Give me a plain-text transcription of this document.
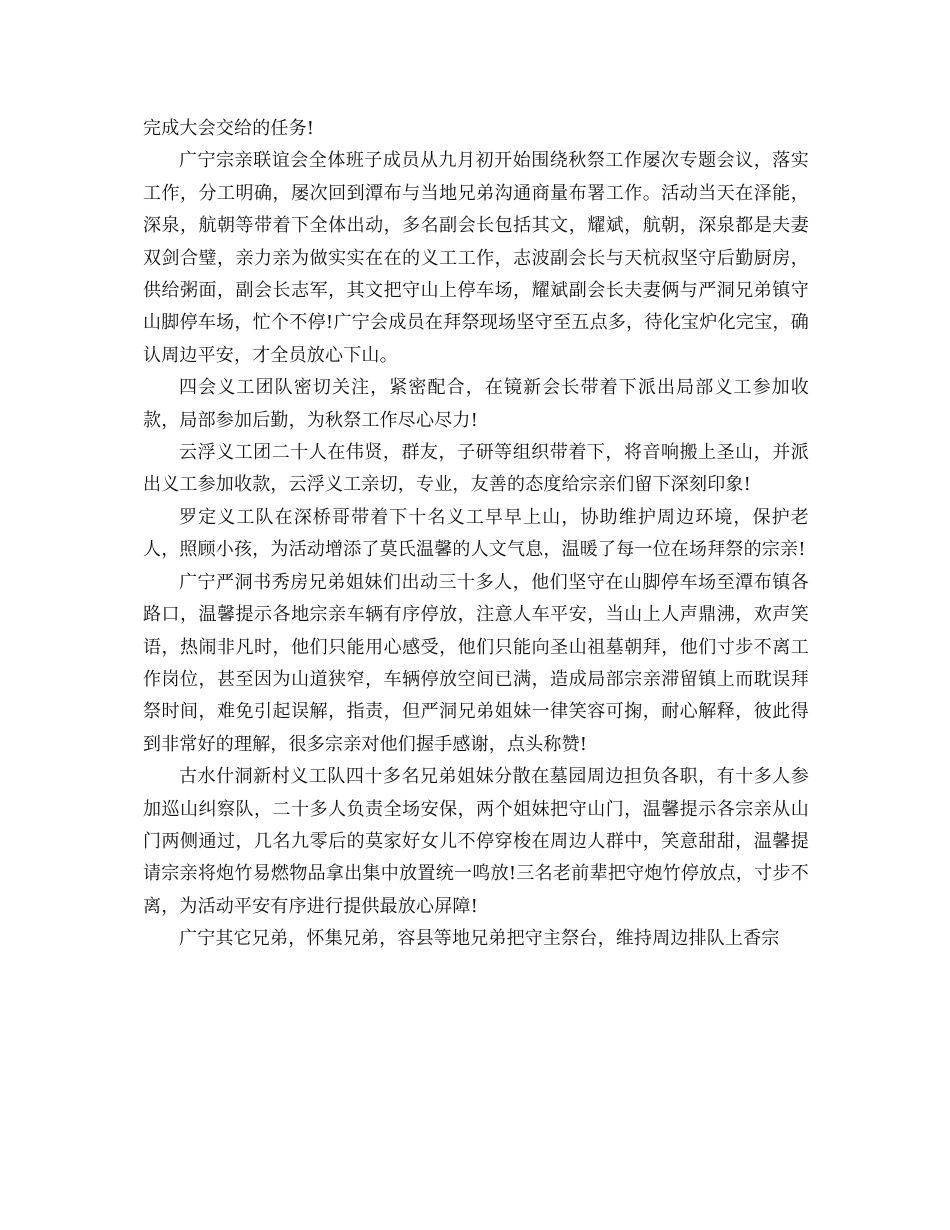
完成大会交给的任务!

广宁宗亲联谊会全体班子成员从九月初开始围绕秋祭工作屡次专题会议，落实工作，分工明确，屡次回到潭布与当地兄弟沟通商量布署工作。活动当天在泽能，深泉，航朝等带着下全体出动，多名副会长包括其文，耀斌，航朝，深泉都是夫妻双剑合璧，亲力亲为做实实在在的义工工作，志波副会长与天杭叔坚守后勤厨房，供给粥面，副会长志军，其文把守山上停车场，耀斌副会长夫妻俩与严洞兄弟镇守山脚停车场，忙个不停!广宁会成员在拜祭现场坚守至五点多，待化宝炉化完宝，确认周边平安，才全员放心下山。

四会义工团队密切关注，紧密配合，在镜新会长带着下派出局部义工参加收款，局部参加后勤，为秋祭工作尽心尽力!

云浮义工团二十人在伟贤，群友，子研等组织带着下，将音响搬上圣山，并派出义工参加收款，云浮义工亲切，专业，友善的态度给宗亲们留下深刻印象!

罗定义工队在深桥哥带着下十名义工早早上山，协助维护周边环境，保护老人，照顾小孩，为活动增添了莫氏温馨的人文气息，温暖了每一位在场拜祭的宗亲!

广宁严洞书秀房兄弟姐妹们出动三十多人，他们坚守在山脚停车场至潭布镇各路口，温馨提示各地宗亲车辆有序停放，注意人车平安，当山上人声鼎沸，欢声笑语，热闹非凡时，他们只能用心感受，他们只能向圣山祖墓朝拜，他们寸步不离工作岗位，甚至因为山道狭窄，车辆停放空间已满，造成局部宗亲滞留镇上而耽误拜祭时间，难免引起误解，指责，但严洞兄弟姐妹一律笑容可掬，耐心解释，彼此得到非常好的理解，很多宗亲对他们握手感谢，点头称赞!

古水什洞新村义工队四十多名兄弟姐妹分散在墓园周边担负各职，有十多人参加巡山纠察队，二十多人负责全场安保，两个姐妹把守山门，温馨提示各宗亲从山门两侧通过，几名九零后的莫家好女儿不停穿梭在周边人群中，笑意甜甜，温馨提请宗亲将炮竹易燃物品拿出集中放置统一鸣放!三名老前辈把守炮竹停放点，寸步不离，为活动平安有序进行提供最放心屏障!

广宁其它兄弟，怀集兄弟，容县等地兄弟把守主祭台，维持周边排队上香宗
